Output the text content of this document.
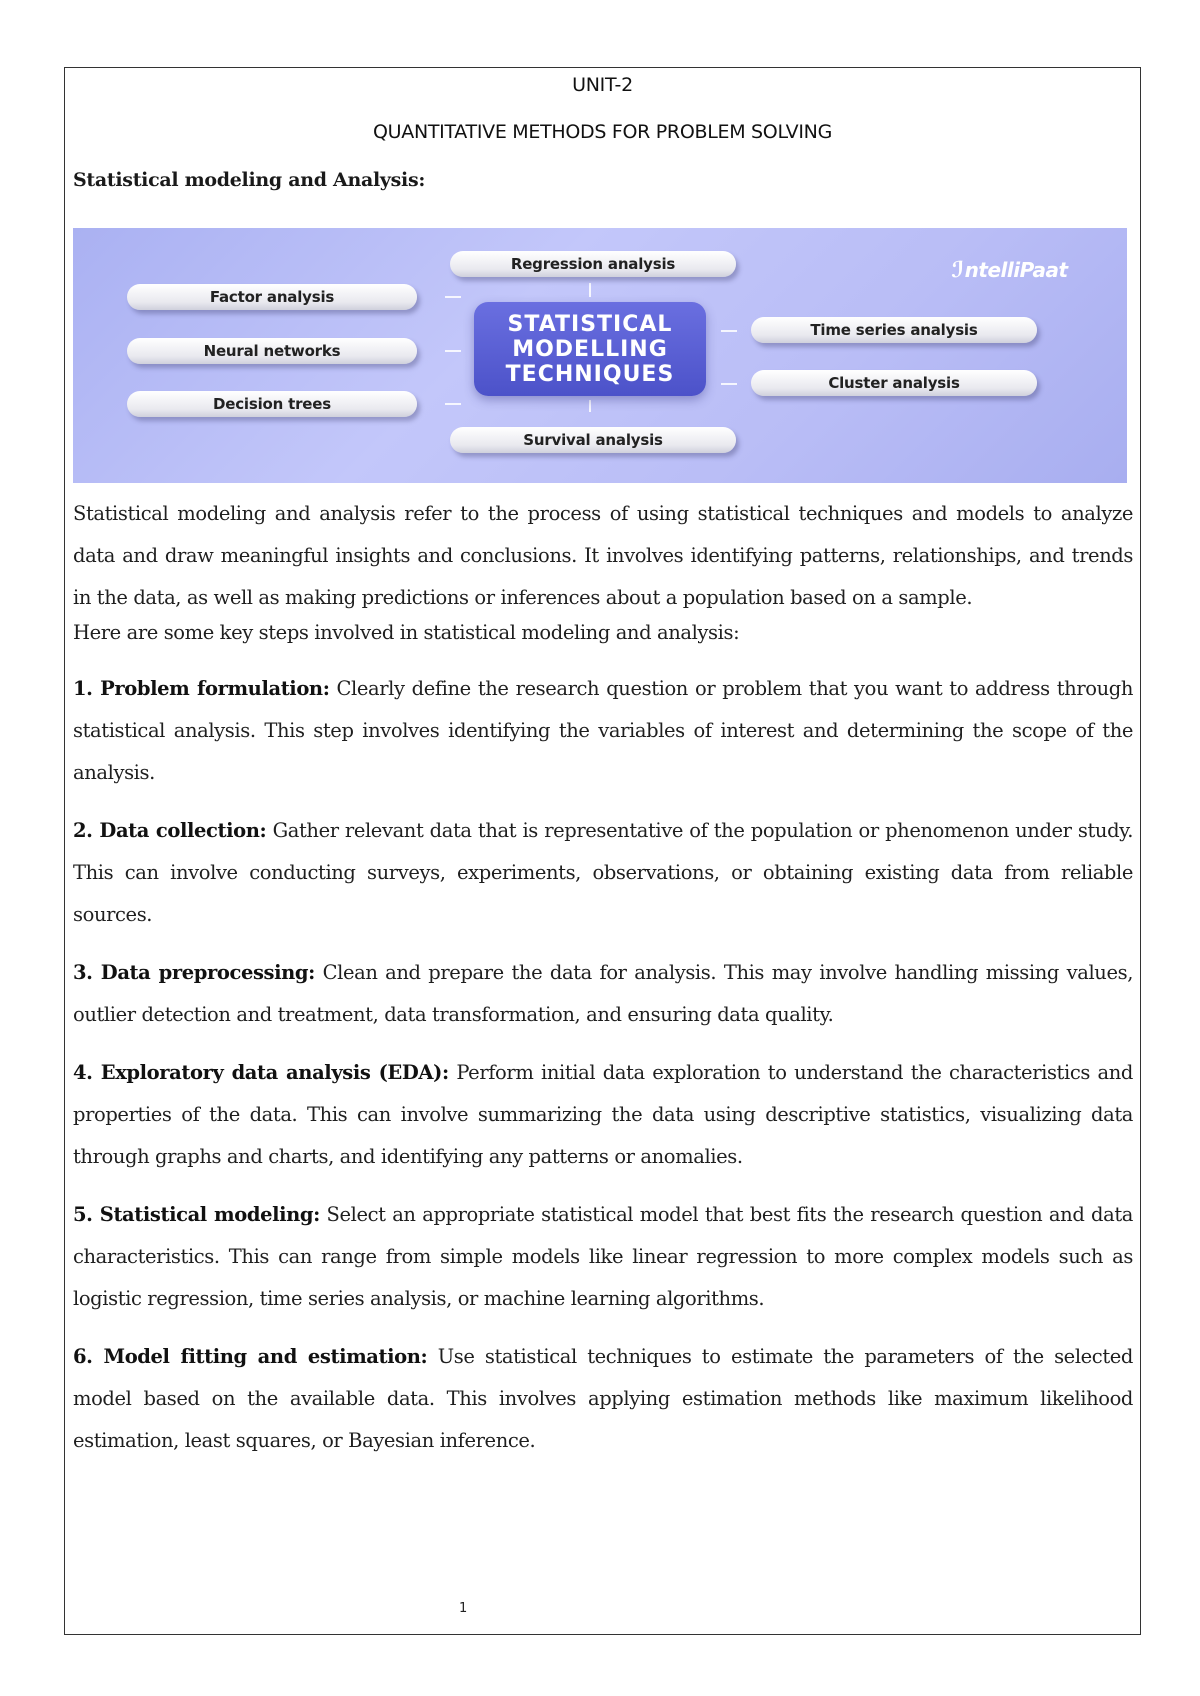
UNIT-2
QUANTITATIVE METHODS FOR PROBLEM SOLVING
Statistical modeling and Analysis:
Regression analysis
Survival analysis
Factor analysis
Neural networks
Decision trees
Time series analysis
Cluster analysis
STATISTICAL
MODELLING
TECHNIQUES
ℐntelliPaat

Statistical modeling and analysis refer to the process of using statistical techniques and models to analyze data and draw meaningful insights and conclusions. It involves identifying patterns, relationships, and trends in the data, as well as making predictions or inferences about a population based on a sample.

Here are some key steps involved in statistical modeling and analysis:

1. Problem formulation: Clearly define the research question or problem that you want to address through statistical analysis. This step involves identifying the variables of interest and determining the scope of the analysis.

2. Data collection: Gather relevant data that is representative of the population or phenomenon under study. This can involve conducting surveys, experiments, observations, or obtaining existing data from reliable sources.

3. Data preprocessing: Clean and prepare the data for analysis. This may involve handling missing values, outlier detection and treatment, data transformation, and ensuring data quality.

4. Exploratory data analysis (EDA): Perform initial data exploration to understand the characteristics and properties of the data. This can involve summarizing the data using descriptive statistics, visualizing data through graphs and charts, and identifying any patterns or anomalies.

5. Statistical modeling: Select an appropriate statistical model that best fits the research question and data characteristics. This can range from simple models like linear regression to more complex models such as logistic regression, time series analysis, or machine learning algorithms.

6. Model fitting and estimation: Use statistical techniques to estimate the parameters of the selected model based on the available data. This involves applying estimation methods like maximum likelihood estimation, least squares, or Bayesian inference.

1
